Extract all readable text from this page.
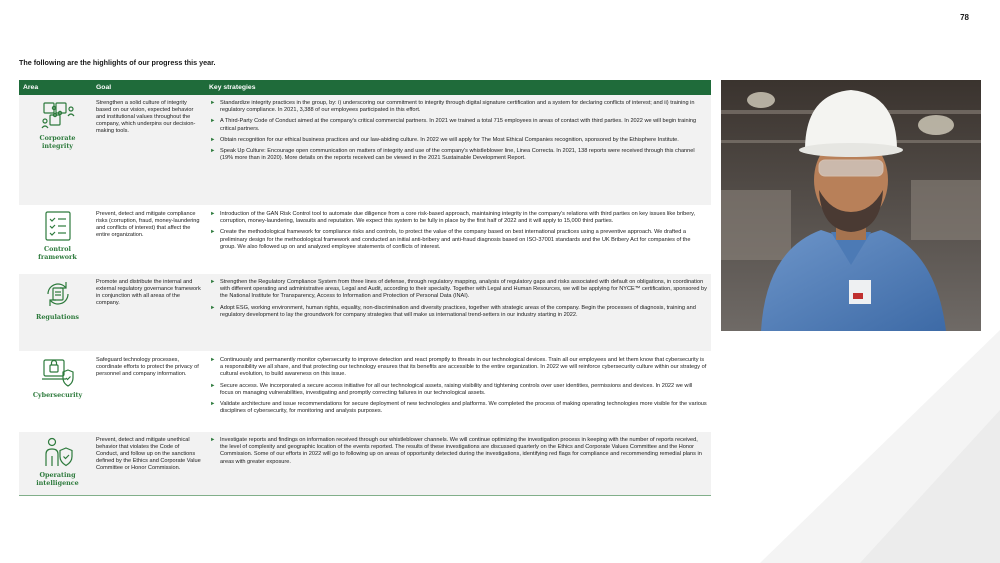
78
The following are the highlights of our progress this year.
Area	Goal	Key strategies
Corporate
integrity
Strengthen a solid culture of integrity based on our vision, expected behavior and institutional values throughout the company, which underpins our decision-making tools.
► Standardize integrity practices in the group, by: i) underscoring our commitment to integrity through digital signature certification and a system for declaring conflicts of interest; and ii) training in regulatory compliance. In 2021, 3,388 of our employees participated in this effort.
► A Third-Party Code of Conduct aimed at the company's critical commercial partners. In 2021 we trained a total 715 employees in areas of contact with third parties. In 2022 we will begin training critical partners.
► Obtain recognition for our ethical business practices and our law-abiding culture. In 2022 we will apply for The Most Ethical Companies recognition, sponsored by the Ethisphere Institute.
► Speak Up Culture: Encourage open communication on matters of integrity and use of the company's whistleblower line, Linea Correcta. In 2021, 138 reports were received through this channel (19% more than in 2020). More details on the reports received can be viewed in the 2021 Sustainable Development Report.
Control
framework
Prevent, detect and mitigate compliance risks (corruption, fraud, money-laundering and conflicts of interest) that affect the entire organization.
► Introduction of the GAN Risk Control tool to automate due diligence from a core risk-based approach, maintaining integrity in the company's relations with third parties on key issues like bribery, corruption, money-laundering, lawsuits and reputation. We expect this system to be fully in place by the first half of 2022 and it will apply to 15,000 third parties.
► Create the methodological framework for compliance risks and controls, to protect the value of the company based on best international practices using a preventive approach. We drafted a preliminary design for the methodological framework and conducted an initial anti-bribery and anti-fraud diagnosis based on ISO-37001 standards and the UK Bribery Act for companies of the group. We also followed up on and analyzed employee statements of conflicts of interest.
Regulations
Promote and distribute the internal and external regulatory governance framework in conjunction with all areas of the company.
► Strengthen the Regulatory Compliance System from three lines of defense, through regulatory mapping, analysis of regulatory gaps and risks associated with default on obligations, in coordination with different operating and administrative areas, Legal and Audit, according to their specialty. Together with Legal and Human Resources, we will be applying for NYCE™ certification, sponsored by the National Institute for Transparency, Access to Information and Protection of Personal Data (INAI).
► Adopt ESG, working environment, human rights, equality, non-discrimination and diversity practices, together with strategic areas of the company. Begin the processes of diagnosis, training and regulatory development to lay the groundwork for company strategies that will make us international trend-setters in our industry starting in 2022.
Cybersecurity
Safeguard technology processes, coordinate efforts to protect the privacy of personnel and company information.
► Continuously and permanently monitor cybersecurity to improve detection and react promptly to threats in our technological devices. Train all our employees and let them know that cybersecurity is a responsibility we all share, and that protecting our technology ensures that its benefits are accessible to the entire organization. In 2022 we will reinforce cybersecurity culture within our strategy of cultural evolution, to build awareness on this issue.
► Secure access. We incorporated a secure access initiative for all our technological assets, raising visibility and tightening controls over user identities, permissions and devices. In 2022 we will focus on managing vulnerabilities, investigating and promptly correcting failures in our technological assets.
► Validate architecture and issue recommendations for secure deployment of new technologies and platforms. We completed the process of making operating technologies more visible for the various disciplines of cybersecurity, for monitoring and analysis purposes.
Operating
intelligence
Prevent, detect and mitigate unethical behavior that violates the Code of Conduct, and follow up on the sanctions defined by the Ethics and Corporate Value Committee or Honor Commission.
► Investigate reports and findings on information received through our whistleblower channels. We will continue optimizing the investigation process in keeping with the number of reports received, the level of complexity and geographic location of the events reported. The results of these investigations are discussed quarterly on the Ethics and Corporate Values Committee and the Honor Commission. Some of our efforts in 2022 will go to following up on areas of opportunity detected during the investigations, identifying red flags for compliance and recommending remedial plans in areas with greater exposure.
